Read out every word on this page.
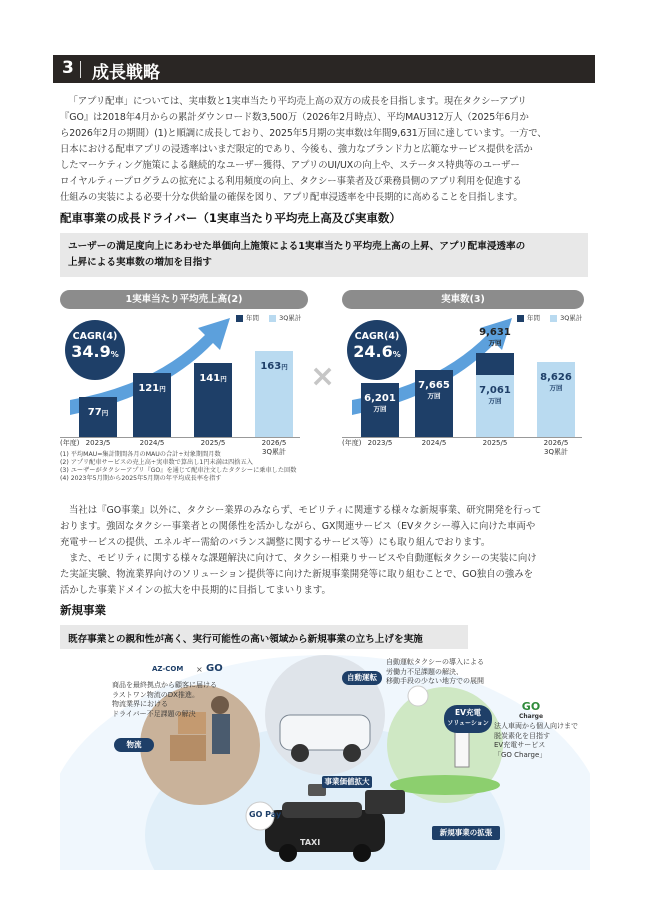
3 成長戦略
「アプリ配車」については、実車数と1実車当たり平均売上高の双方の成長を目指します。現在タクシーアプリ
『GO』は2018年4月からの累計ダウンロード数3,500万（2026年2月時点）、平均MAU312万人（2025年6月か
ら2026年2月の期間）(1)と順調に成長しており、2025年5月期の実車数は年間9,631万回に達しています。一方で、
日本における配車アプリの浸透率はいまだ限定的であり、今後も、強力なブランド力と広範なサービス提供を活か
したマーケティング施策による継続的なユーザー獲得、アプリのUI/UXの向上や、ステータス特典等のユーザー
ロイヤルティープログラムの拡充による利用頻度の向上、タクシー事業者及び乗務員側のアプリ利用を促進する
仕組みの実装による必要十分な供給量の確保を図り、アプリ配車浸透率を中長期的に高めることを目指します。
配車事業の成長ドライバー（1実車当たり平均売上高及び実車数）
ユーザーの満足度向上にあわせた単価向上施策による1実車当たり平均売上高の上昇、アプリ配車浸透率の
上昇による実車数の増加を目指す
1実車当たり平均売上高(2)	実車数(3)
年間	3Q累計	年間	3Q累計
77円
2023/5
121円
2024/5
141円
2025/5
163円
2026/5
3Q累計
(年度)
CAGR(4)
34.9%
6,201
万回
2023/5
7,665
万回
2024/5
9,631
万回
7,061
万回
2025/5
8,626
万回
2026/5
3Q累計
(年度)
CAGR(4)
24.6%
×
(1) 平均MAU=集計期間各月のMAUの合計÷対象期間月数
(2) アプリ配車サービスの売上高÷実車数で算出し1円未満は四捨五入
(3) ユーザーがタクシーアプリ『GO』を通じて配車注文したタクシーに乗車した回数
(4) 2023年5月期から2025年5月期の年平均成長率を指す
当社は『GO事業』以外に、タクシー業界のみならず、モビリティに関連する様々な新規事業、研究開発を行って
おります。強固なタクシー事業者との関係性を活かしながら、GX関連サービス（EVタクシー導入に向けた車両や
充電サービスの提供、エネルギー需給のバランス調整に関するサービス等）にも取り組んでおります。
また、モビリティに関する様々な課題解決に向けて、タクシー相乗りサービスや自動運転タクシーの実装に向け
た実証実験、物流業界向けのソリューション提供等に向けた新規事業開発等に取り組むことで、GO独自の強みを
活かした事業ドメインの拡大を中長期的に目指してまいります。
新規事業
既存事業との親和性が高く、実行可能性の高い領域から新規事業の立ち上げを実施
AZ-COM × GO
商品を最終拠点から顧客に届ける
ラストワン物流のDX推進。
物流業界における
ドライバー不足課題の解決
物流
自動運転
自動運転タクシーの導入による
労働力不足課題の解決、
移動手段の少ない地方での展開
EV充電
ソリューション
GO
Charge
法人車両から個人向けまで
脱炭素化を目指す
EV充電サービス
「GO Charge」
GO Pay
事業価値拡大
新規事業の拡張
TAXI
